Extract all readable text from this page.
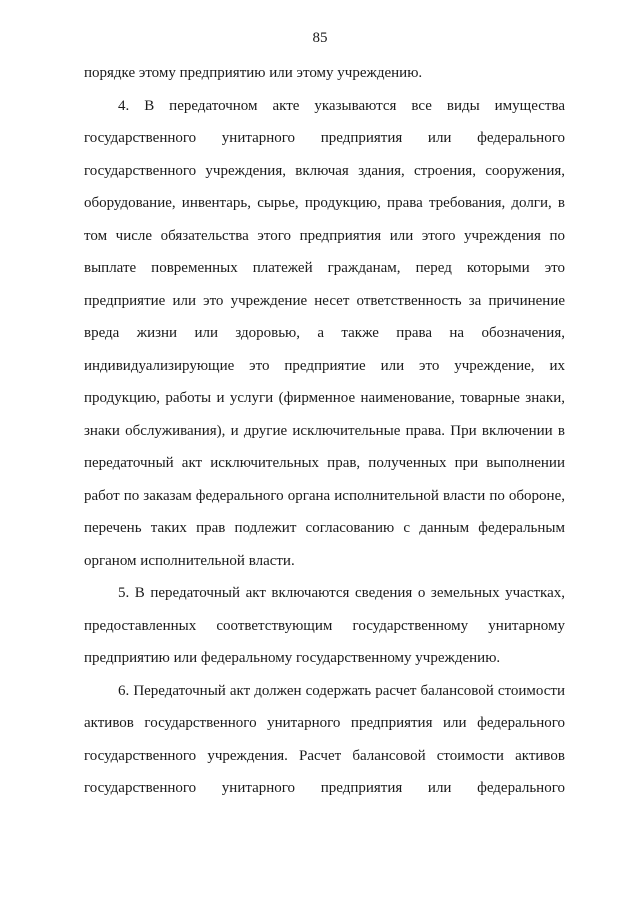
85

порядке этому предприятию или этому учреждению.

4. В передаточном акте указываются все виды имущества
государственного унитарного предприятия или федерального
государственного учреждения, включая здания, строения, сооружения,
оборудование, инвентарь, сырье, продукцию, права требования, долги, в
том числе обязательства этого предприятия или этого учреждения по
выплате повременных платежей гражданам, перед которыми это
предприятие или это учреждение несет ответственность за причинение
вреда жизни или здоровью, а также права на обозначения,
индивидуализирующие это предприятие или это учреждение, их
продукцию, работы и услуги (фирменное наименование, товарные знаки,
знаки обслуживания), и другие исключительные права. При включении в
передаточный акт исключительных прав, полученных при выполнении
работ по заказам федерального органа исполнительной власти по обороне,
перечень таких прав подлежит согласованию с данным федеральным
органом исполнительной власти.

5. В передаточный акт включаются сведения о земельных участках,
предоставленных соответствующим государственному унитарному
предприятию или федеральному государственному учреждению.

6. Передаточный акт должен содержать расчет балансовой стоимости
активов государственного унитарного предприятия или федерального
государственного учреждения. Расчет балансовой стоимости активов
государственного унитарного предприятия или федерального
